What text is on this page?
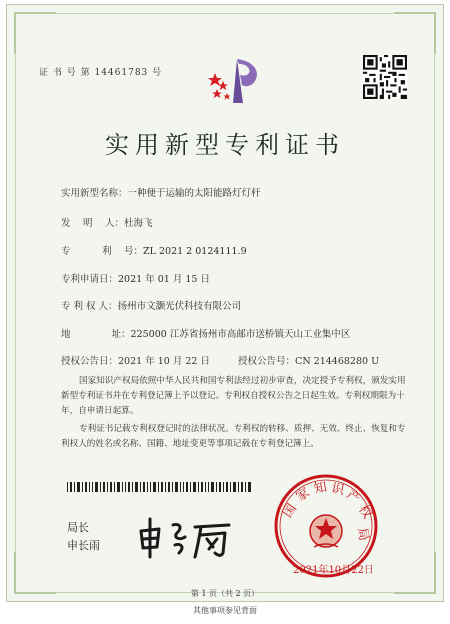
证 书 号 第 14461783 号
实用新型专利证书
实用新型名称：一种便于运输的太阳能路灯灯杆
发　 明　 人：杜海飞
专　　　 利　 号：ZL 2021 2 0124111.9
专利申请日：2021 年 01 月 15 日
专 利 权 人：扬州市文灏光伏科技有限公司
地　　　　 址：225000 江苏省扬州市高邮市送桥镇天山工业集中区
授权公告日：2021 年 10 月 22 日	授权公告号：CN 214468280 U
国家知识产权局依照中华人民共和国专利法经过初步审查，决定授予专利权，颁发实用新型专利证书并在专利登记簿上予以登记。专利权自授权公告之日起生效。专利权期限为十年，自申请日起算。
专利证书记载专利权登记时的法律状况。专利权的转移、质押、无效、终止、恢复和专利权人的姓名或名称、国籍、地址变更等事项记载在专利登记簿上。
局长
申长雨
国
家 知 识
产
权
局
2021年10月22日
第 1 页（共 2 页）
其他事项参见背面
